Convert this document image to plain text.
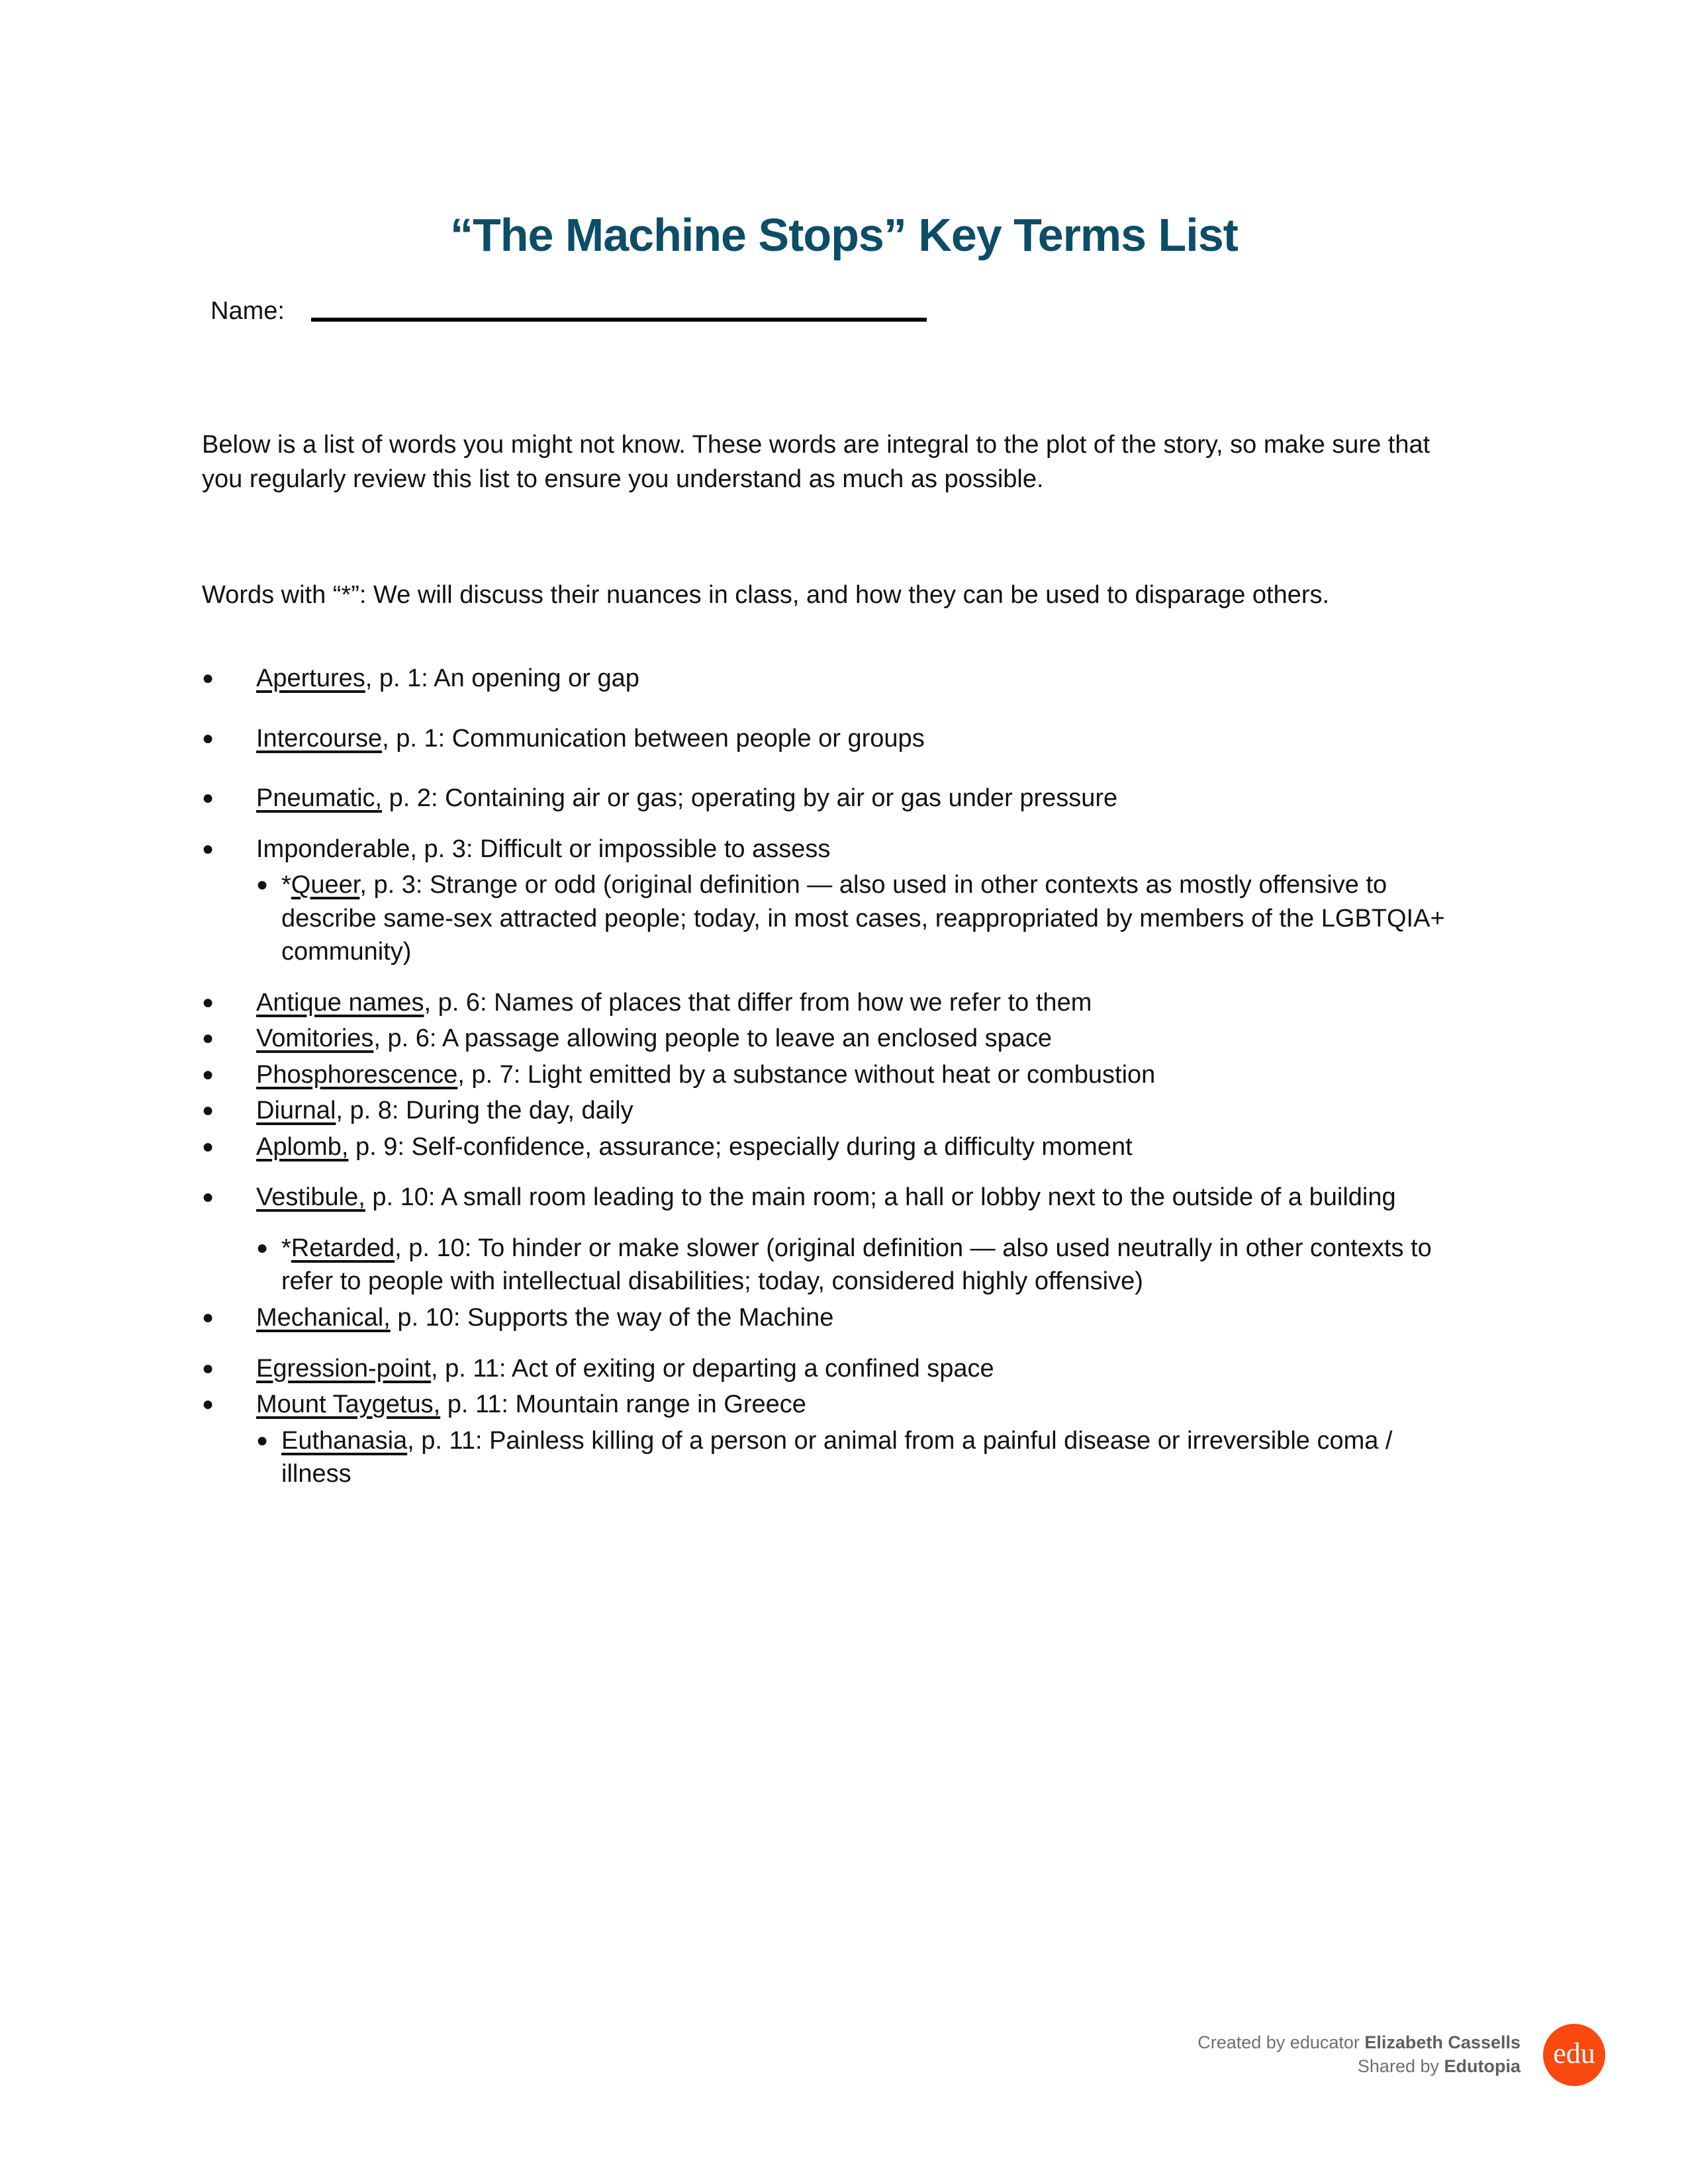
“The Machine Stops” Key Terms List
Name:

Below is a list of words you might not know. These words are integral to the plot of the story, so make sure that you regularly review this list to ensure you understand as much as possible.

Words with “*”: We will discuss their nuances in class, and how they can be used to disparage others.

● Apertures, p. 1: An opening or gap
● Intercourse, p. 1: Communication between people or groups
● Pneumatic, p. 2: Containing air or gas; operating by air or gas under pressure
● Imponderable, p. 3: Difficult or impossible to assess
● *Queer, p. 3: Strange or odd (original definition — also used in other contexts as mostly offensive to describe same-sex attracted people; today, in most cases, reappropriated by members of the LGBTQIA+ community)
● Antique names, p. 6: Names of places that differ from how we refer to them
● Vomitories, p. 6: A passage allowing people to leave an enclosed space
● Phosphorescence, p. 7: Light emitted by a substance without heat or combustion
● Diurnal, p. 8: During the day, daily
● Aplomb, p. 9: Self-confidence, assurance; especially during a difficulty moment
● Vestibule, p. 10: A small room leading to the main room; a hall or lobby next to the outside of a building
● *Retarded, p. 10: To hinder or make slower (original definition — also used neutrally in other contexts to refer to people with intellectual disabilities; today, considered highly offensive)
● Mechanical, p. 10: Supports the way of the Machine
● Egression-point, p. 11: Act of exiting or departing a confined space
● Mount Taygetus, p. 11: Mountain range in Greece
● Euthanasia, p. 11: Painless killing of a person or animal from a painful disease or irreversible coma / illness
Created by educator Elizabeth Cassells
Shared by Edutopia	edu
